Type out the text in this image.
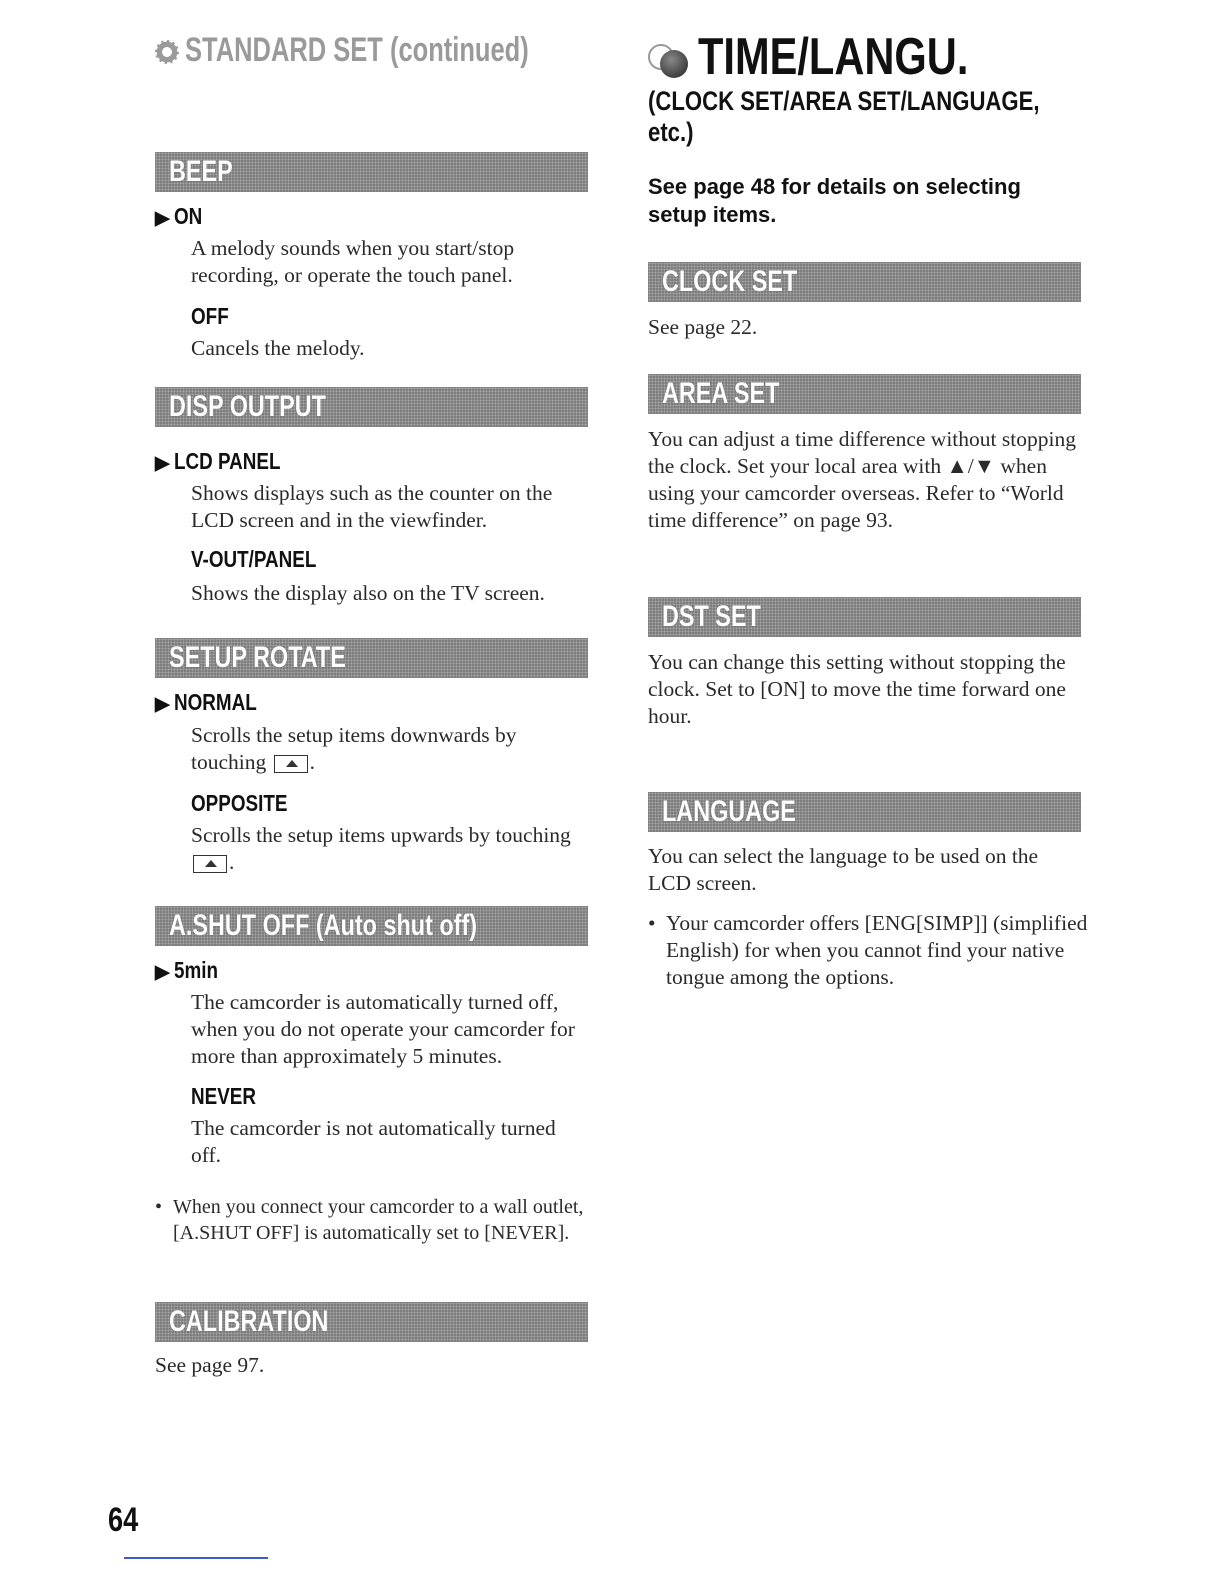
STANDARD SET (continued)
BEEP
▶ ON
A melody sounds when you start/stop recording, or operate the touch panel.
OFF
Cancels the melody.
DISP OUTPUT
▶ LCD PANEL
Shows displays such as the counter on the LCD screen and in the viewfinder.
V-OUT/PANEL
Shows the display also on the TV screen.
SETUP ROTATE
▶ NORMAL
Scrolls the setup items downwards by touching .
OPPOSITE
Scrolls the setup items upwards by touching .
A.SHUT OFF (Auto shut off)
▶ 5min
The camcorder is automatically turned off, when you do not operate your camcorder for more than approximately 5 minutes.
NEVER
The camcorder is not automatically turned off.
• When you connect your camcorder to a wall outlet, [A.SHUT OFF] is automatically set to [NEVER].
CALIBRATION
See page 97.
TIME/LANGU.
(CLOCK SET/AREA SET/LANGUAGE, etc.)
See page 48 for details on selecting setup items.
CLOCK SET
See page 22.
AREA SET
You can adjust a time difference without stopping the clock. Set your local area with ▲/▼ when using your camcorder overseas. Refer to “World time difference” on page 93.
DST SET
You can change this setting without stopping the clock. Set to [ON] to move the time forward one hour.
LANGUAGE
You can select the language to be used on the LCD screen.
• Your camcorder offers [ENG[SIMP]] (simplified English) for when you cannot find your native tongue among the options.
64
